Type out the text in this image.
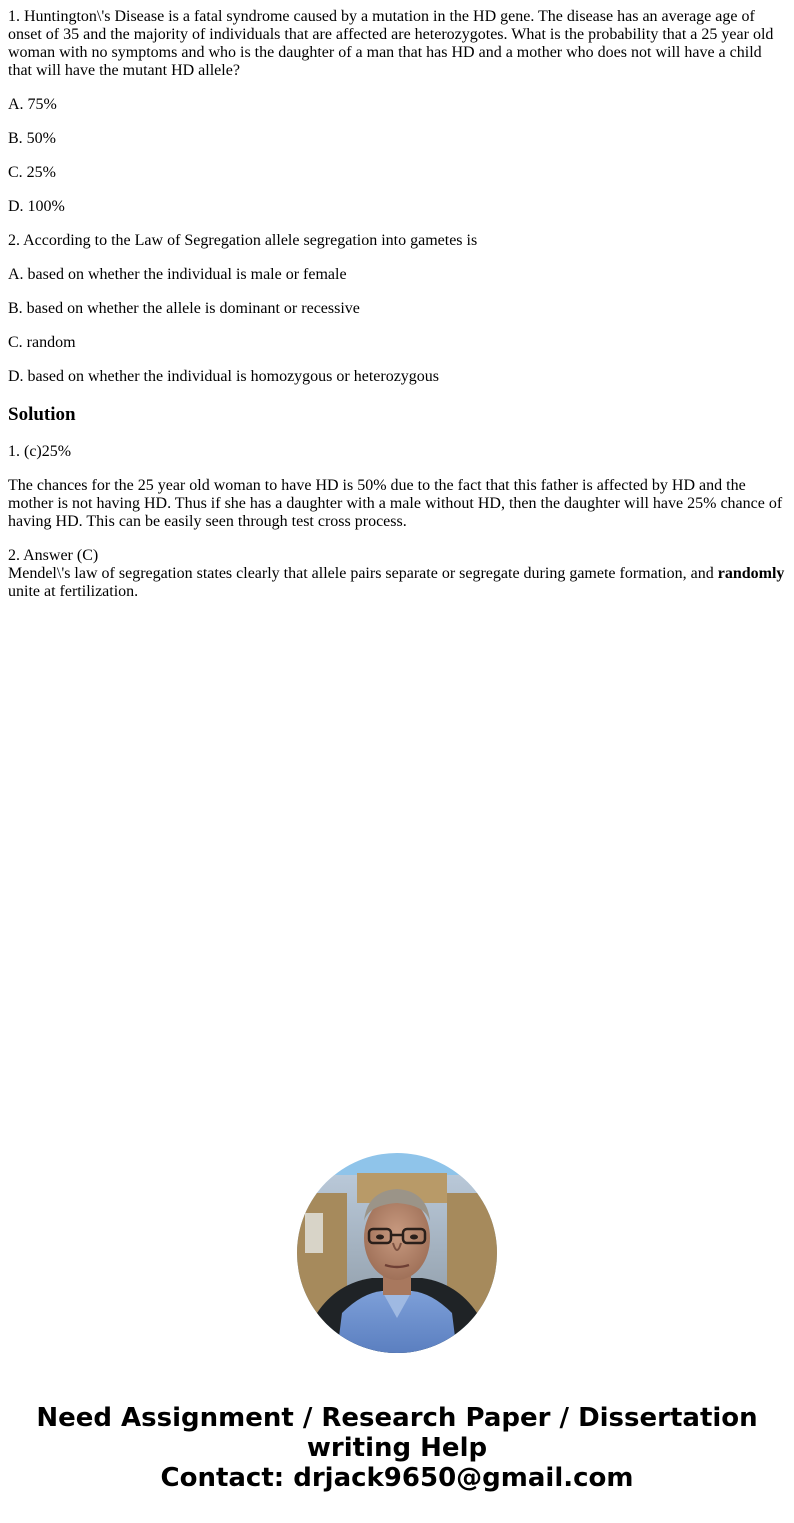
1. Huntington\'s Disease is a fatal syndrome caused by a mutation in the HD gene. The disease has an average age of onset of 35 and the majority of individuals that are affected are heterozygotes. What is the probability that a 25 year old woman with no symptoms and who is the daughter of a man that has HD and a mother who does not will have a child that will have the mutant HD allele?

A. 75%

B. 50%

C. 25%

D. 100%

2. According to the Law of Segregation allele segregation into gametes is

A. based on whether the individual is male or female

B. based on whether the allele is dominant or recessive

C. random

D. based on whether the individual is homozygous or heterozygous

Solution

1. (c)25%

The chances for the 25 year old woman to have HD is 50% due to the fact that this father is affected by HD and the mother is not having HD. Thus if she has a daughter with a male without HD, then the daughter will have 25% chance of having HD. This can be easily seen through test cross process.

2. Answer (C)
Mendel\'s law of segregation states clearly that allele pairs separate or segregate during gamete formation, and randomly unite at fertilization.

Need Assignment / Research Paper / Dissertation
writing Help
Contact: drjack9650@gmail.com
